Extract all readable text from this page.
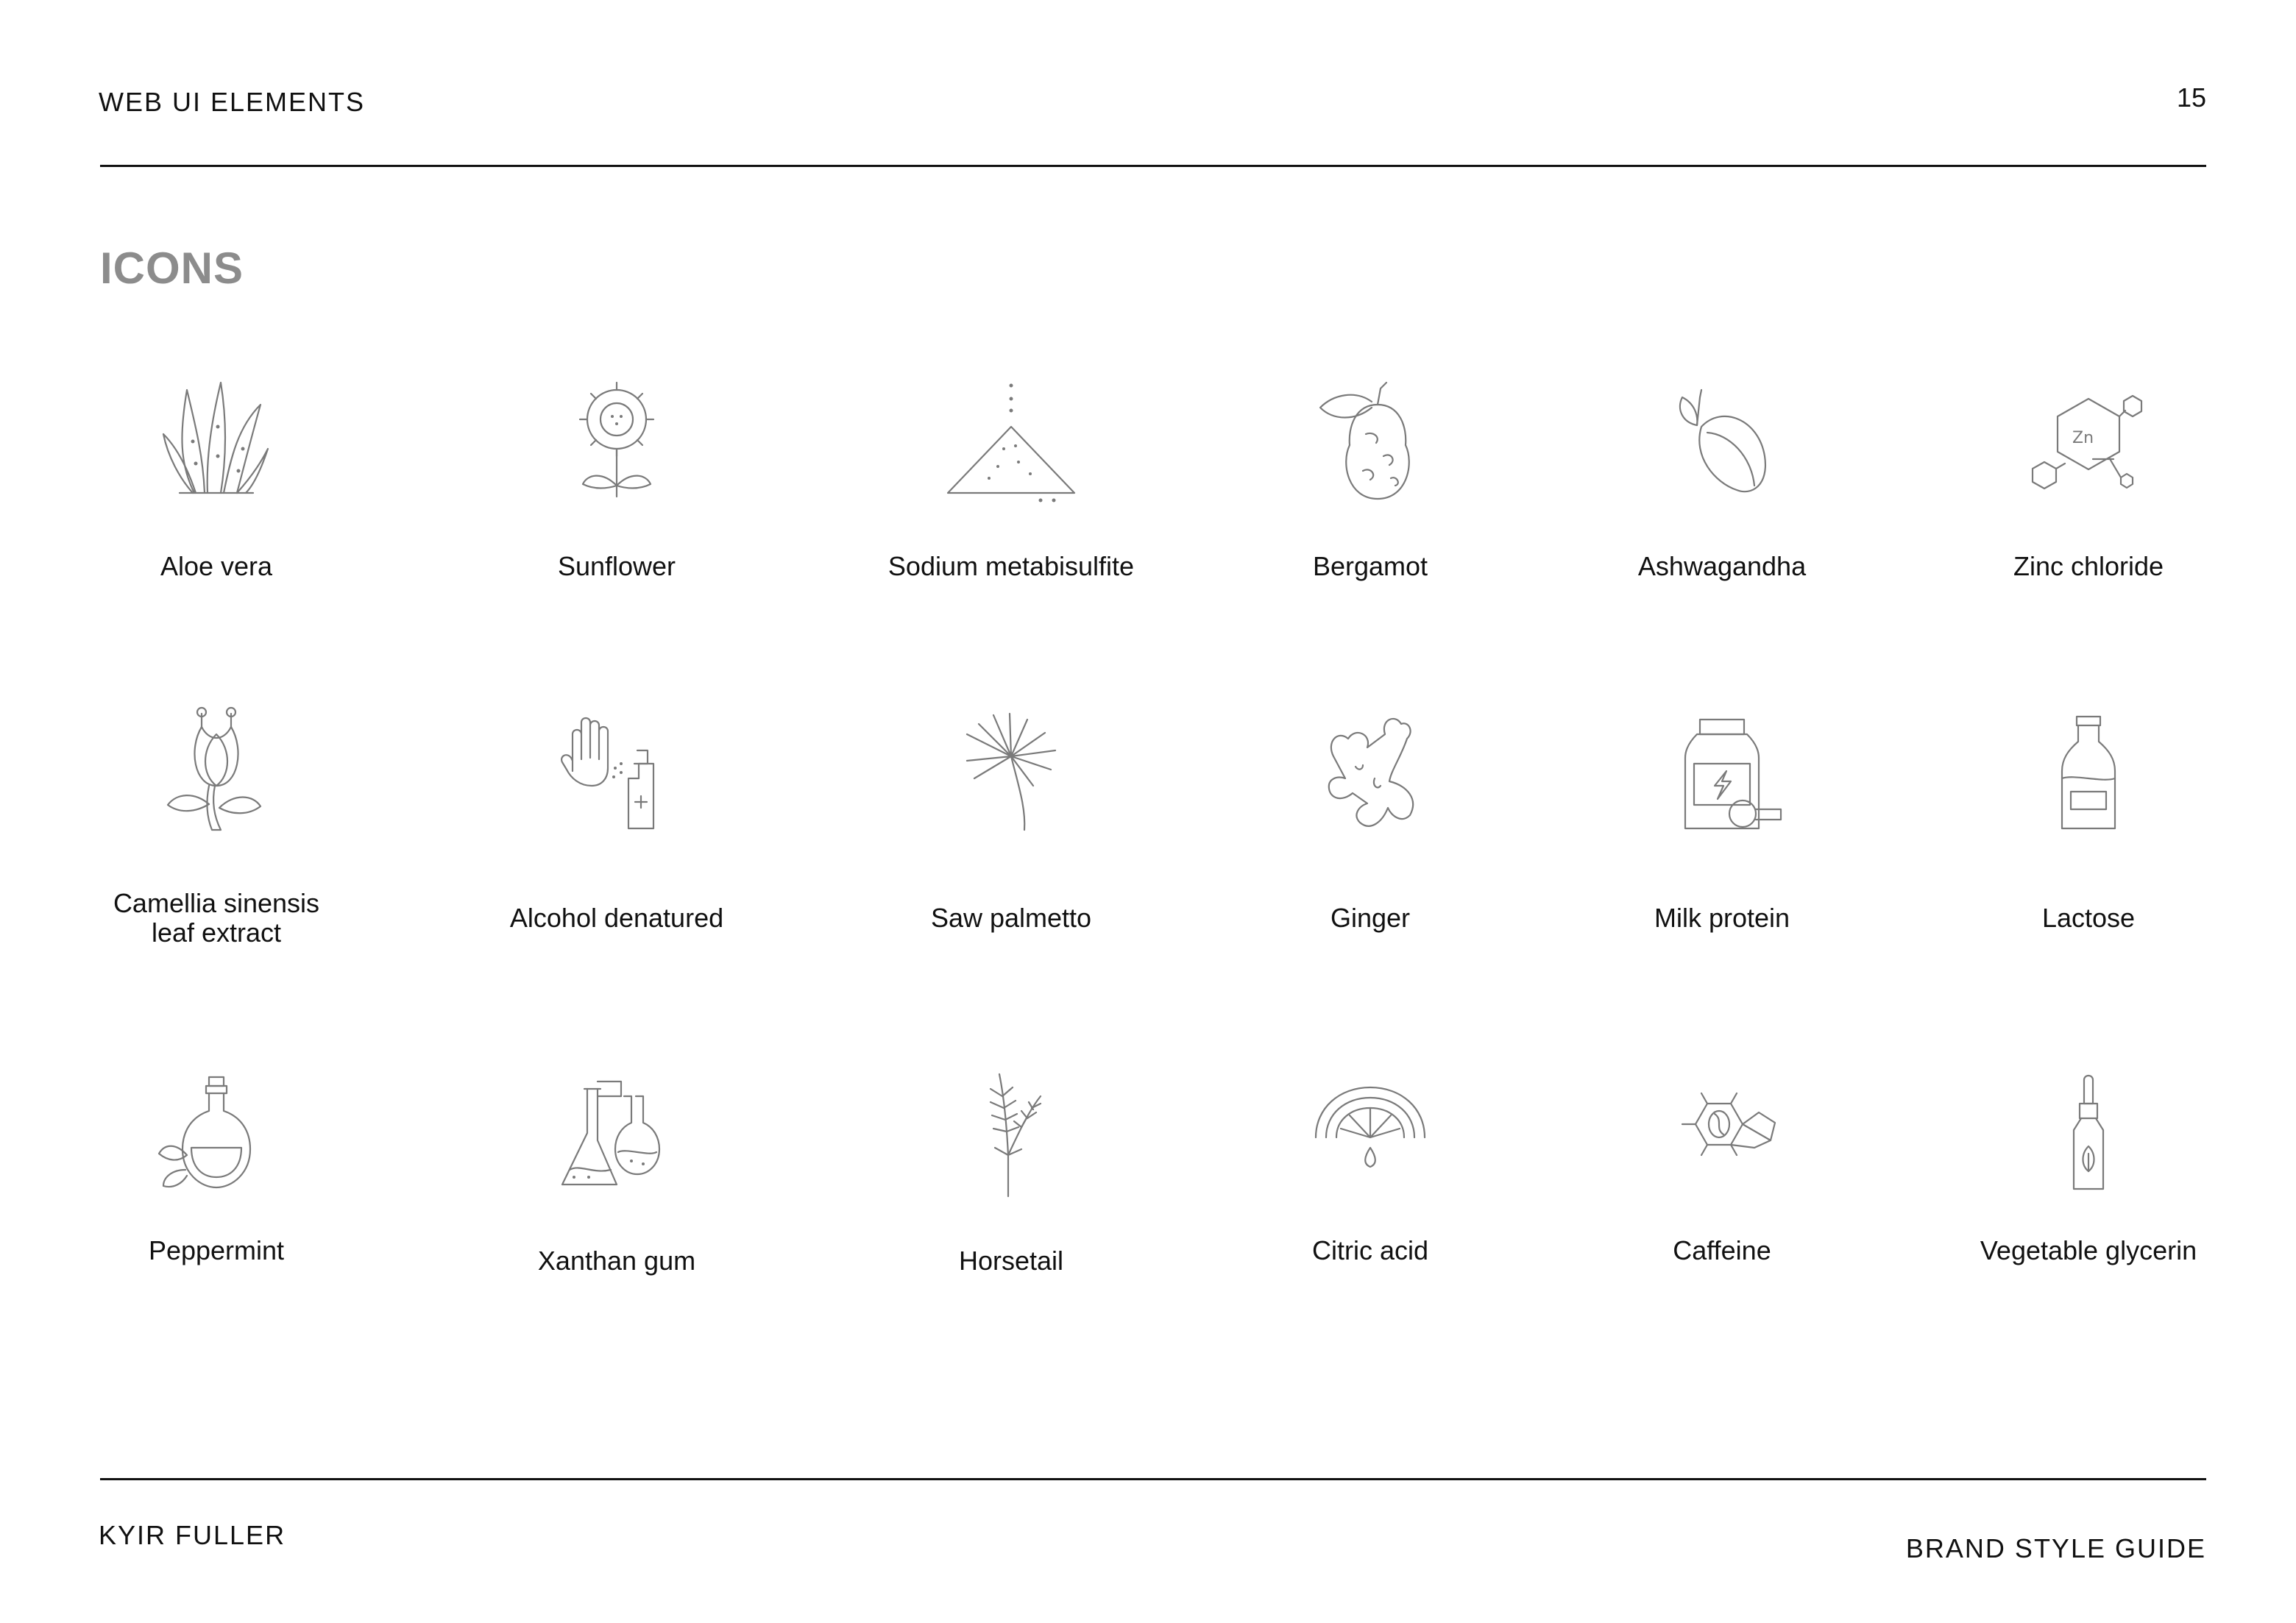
WEB UI ELEMENTS	15
ICONS
Aloe vera	Sunflower	Sodium metabisulfite	Bergamot	Ashwagandha
Zn
Zinc chloride
Camellia sinensis
leaf extract	Alcohol denatured	Saw palmetto	Ginger	Milk protein	Lactose
Peppermint	Xanthan gum	Horsetail	Citric acid	Caffeine	Vegetable glycerin
KYIR FULLER	BRAND STYLE GUIDE
